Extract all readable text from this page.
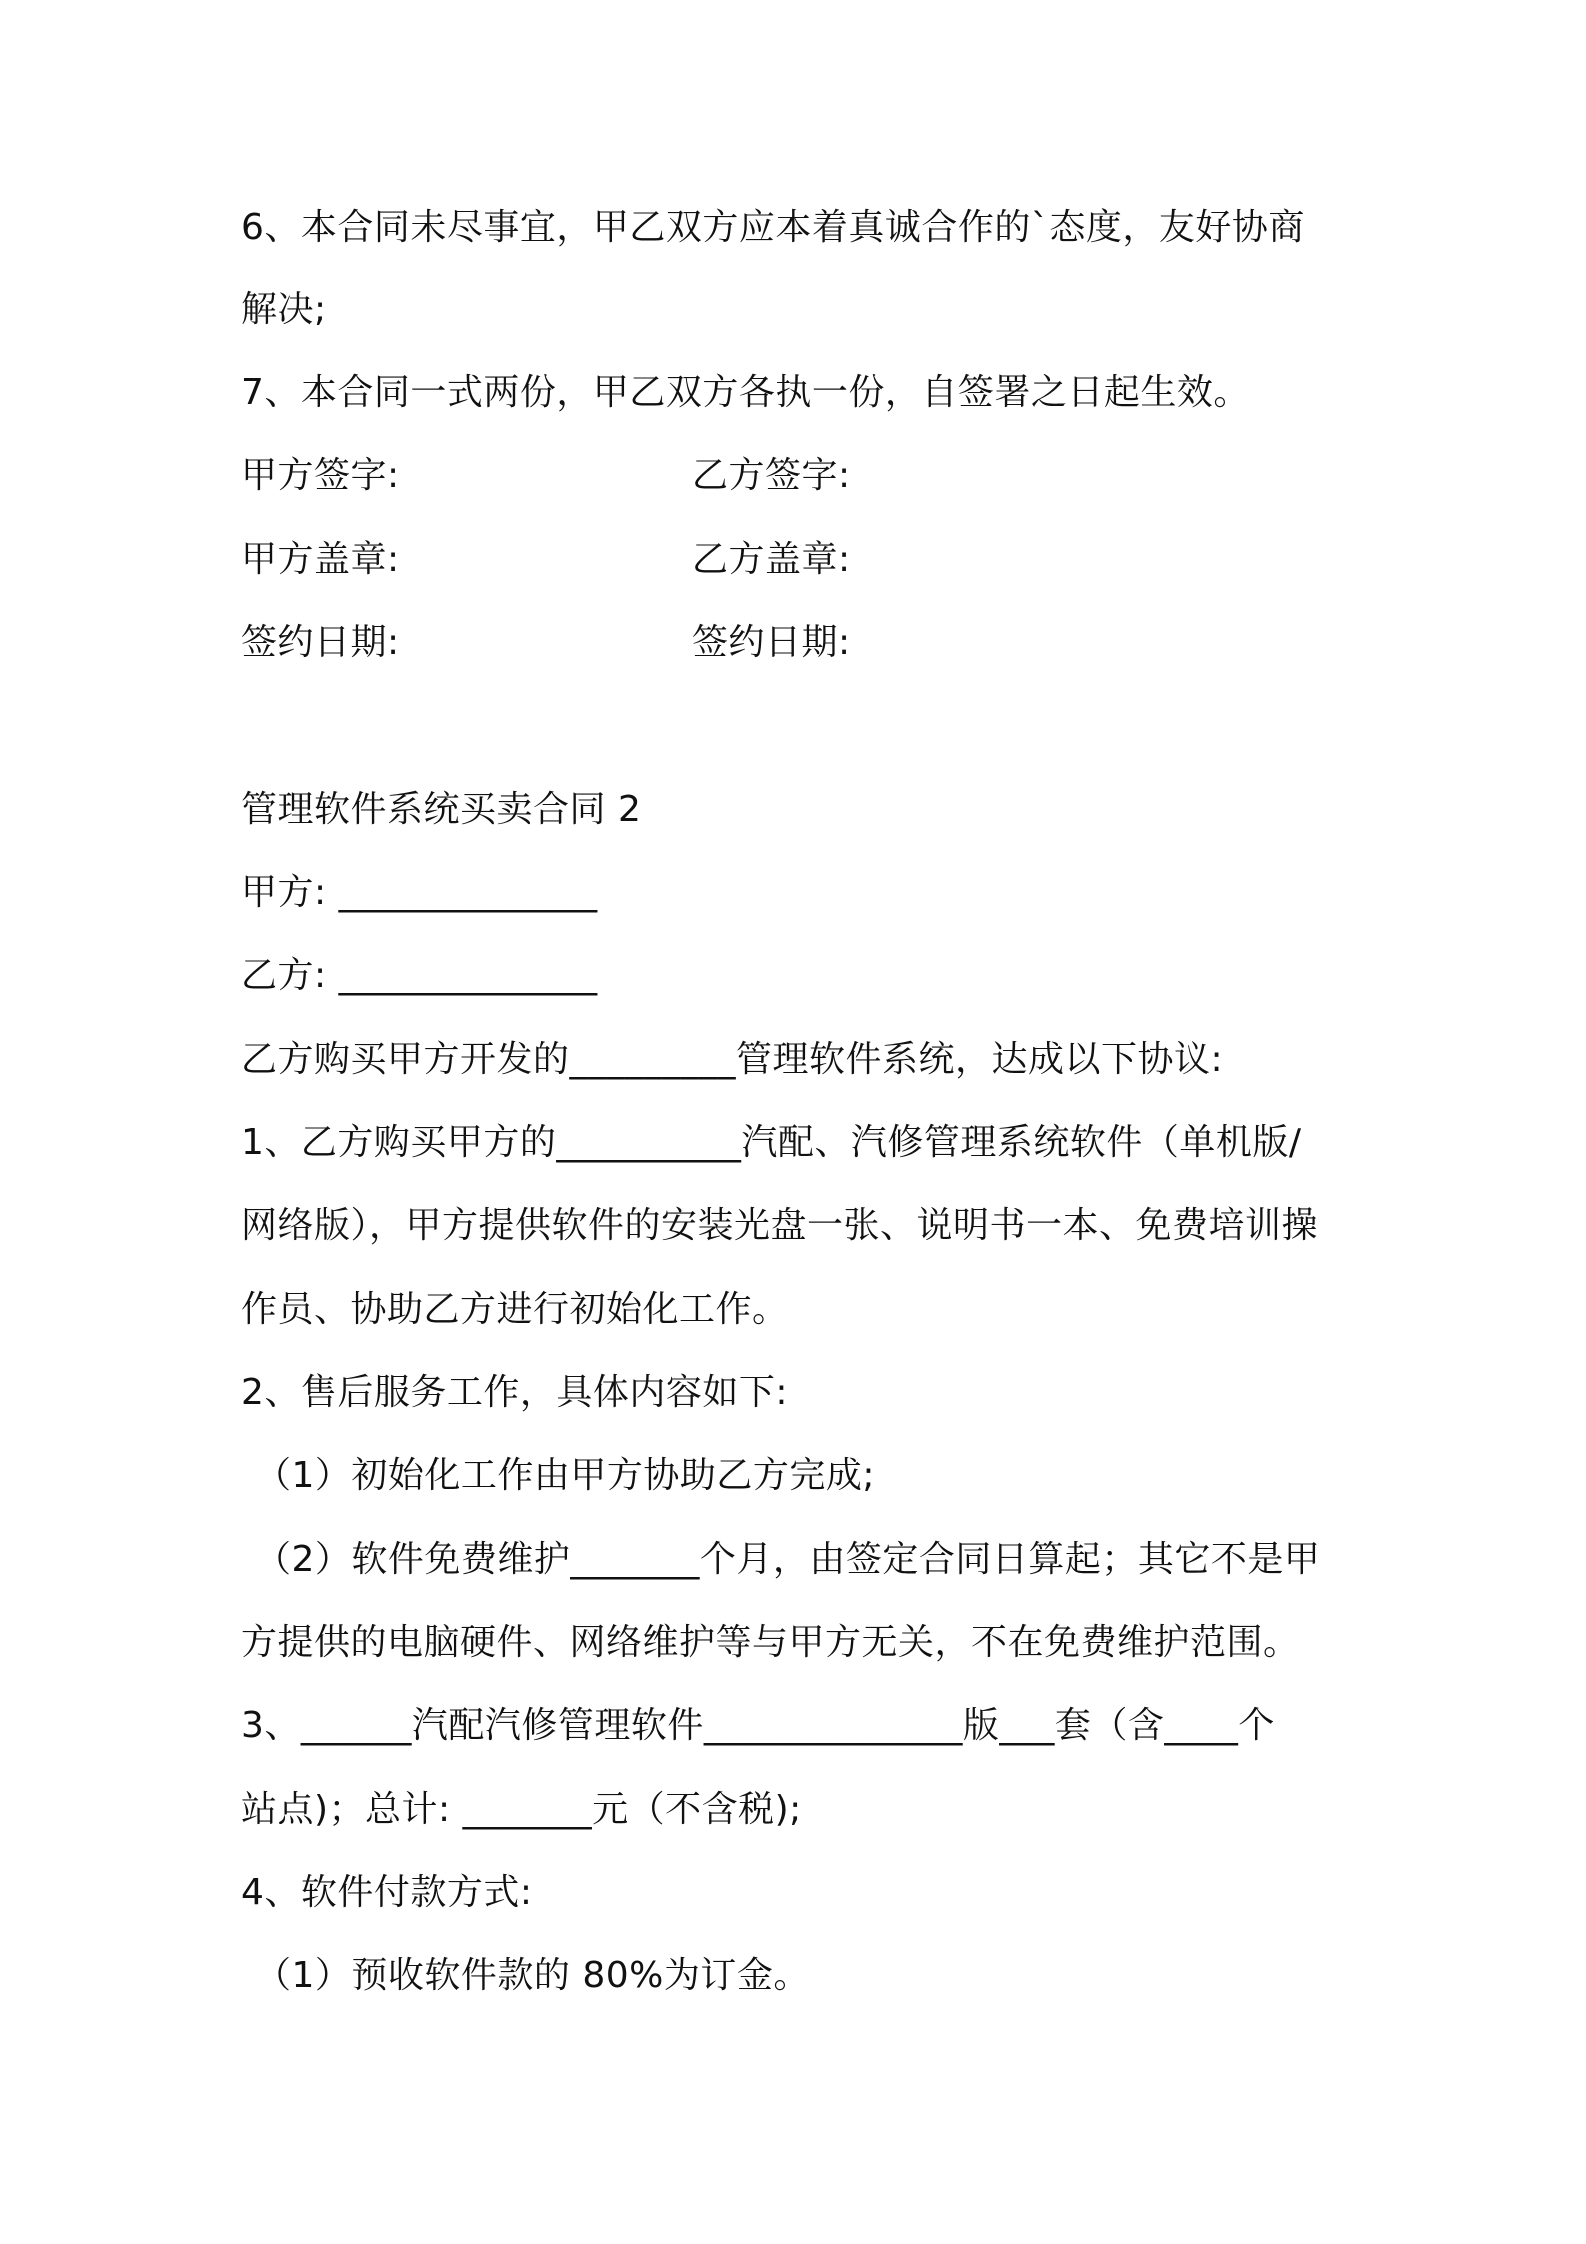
6、本合同未尽事宜，甲乙双方应本着真诚合作的`态度，友好协商
解决;
7、本合同一式两份，甲乙双方各执一份，自签署之日起生效。
甲方签字:	乙方签字:
甲方盖章:	乙方盖章:
签约日期:	签约日期:
管理软件系统买卖合同 2
甲方: ______________
乙方: ______________
乙方购买甲方开发的_________管理软件系统，达成以下协议:
1、乙方购买甲方的__________汽配、汽修管理系统软件（单机版/
网络版），甲方提供软件的安装光盘一张、说明书一本、免费培训操
作员、协助乙方进行初始化工作。
2、售后服务工作，具体内容如下:
（1）初始化工作由甲方协助乙方完成;
（2）软件免费维护_______个月，由签定合同日算起；其它不是甲
方提供的电脑硬件、网络维护等与甲方无关，不在免费维护范围。
3、______汽配汽修管理软件______________版___套（含____个
站点)；总计: _______元（不含税);
4、软件付款方式:
（1）预收软件款的 80%为订金。
